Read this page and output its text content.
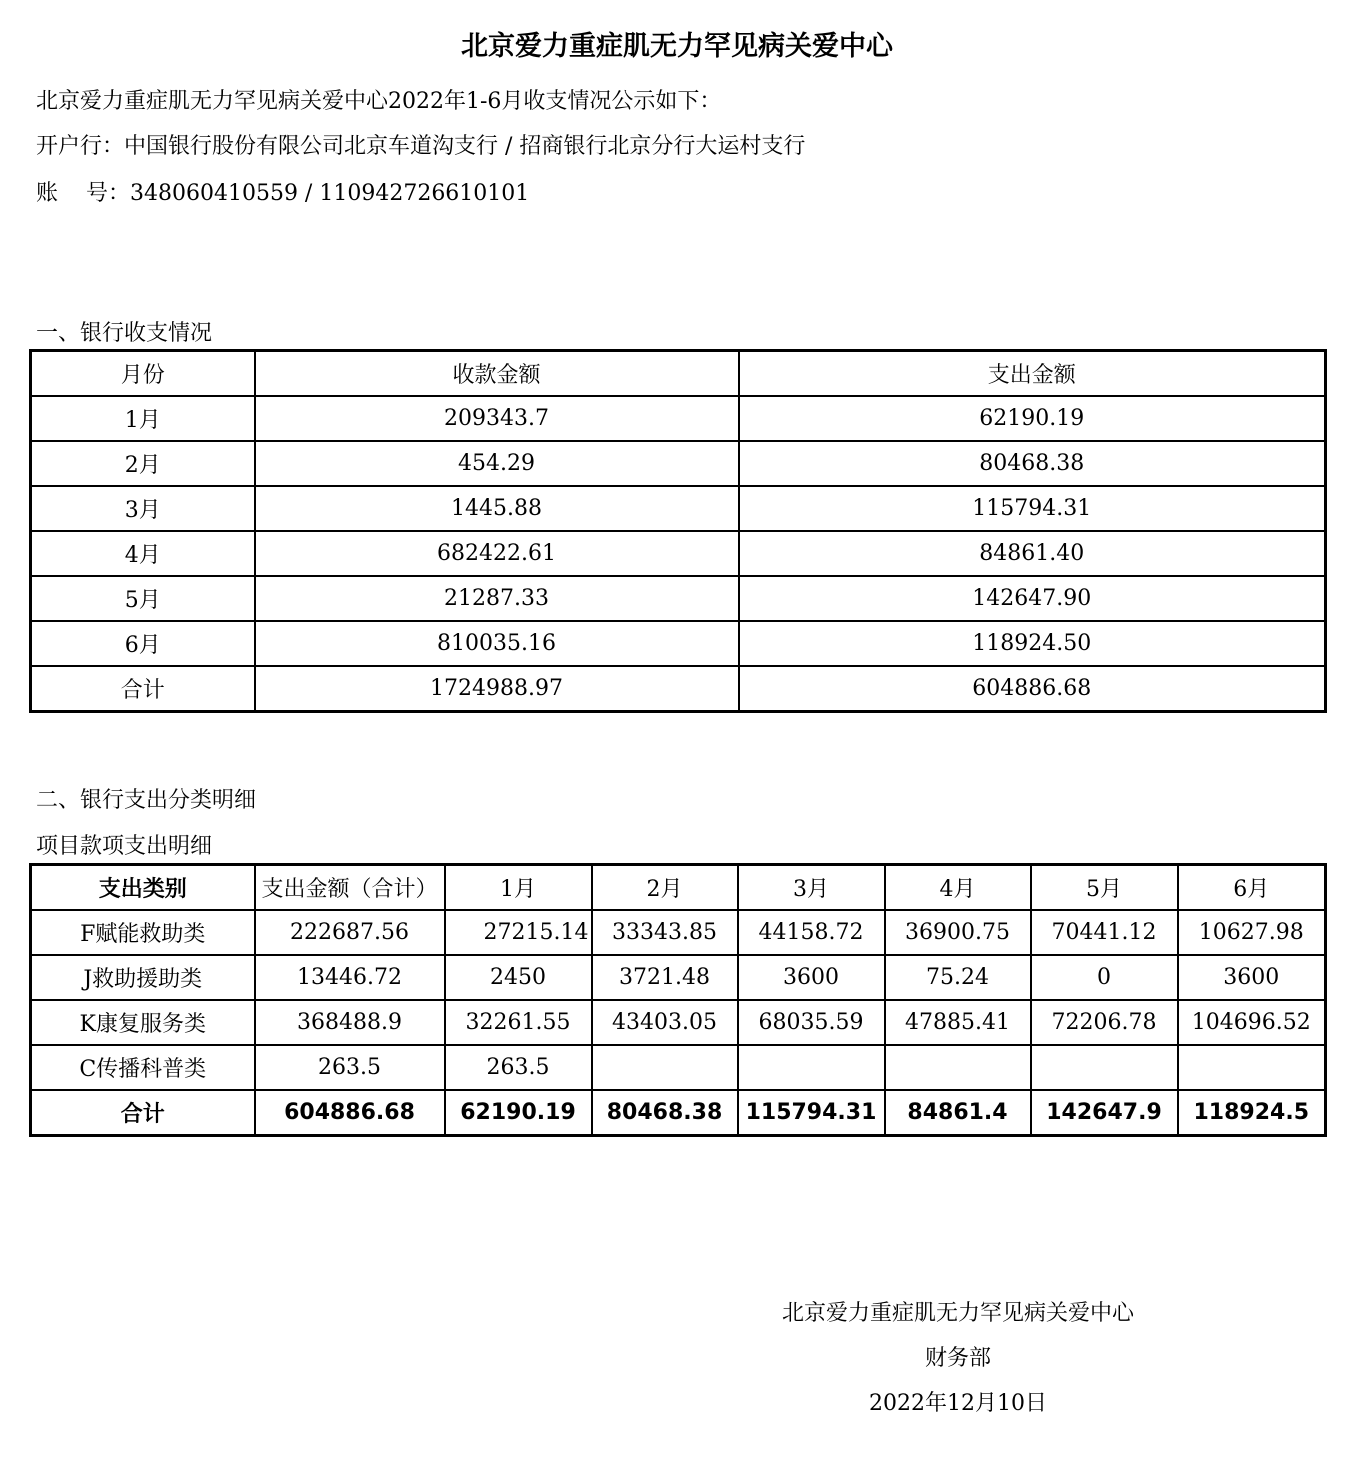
北京爱力重症肌无力罕见病关爱中心
北京爱力重症肌无力罕见病关爱中心2022年1-6月收支情况公示如下：
开户行：中国银行股份有限公司北京车道沟支行 / 招商银行北京分行大运村支行
账    号：348060410559 / 110942726610101
一、银行收支情况
月份	收款金额	支出金额
1月	209343.7	62190.19
2月	454.29	80468.38
3月	1445.88	115794.31
4月	682422.61	84861.40
5月	21287.33	142647.90
6月	810035.16	118924.50
合计	1724988.97	604886.68
二、银行支出分类明细
项目款项支出明细
支出类别	支出金额（合计）	1月	2月	3月	4月	5月	6月
F赋能救助类	222687.56	27215.14	33343.85	44158.72	36900.75	70441.12	10627.98
J救助援助类	13446.72	2450	3721.48	3600	75.24	0	3600
K康复服务类	368488.9	32261.55	43403.05	68035.59	47885.41	72206.78	104696.52
C传播科普类	263.5	263.5					
合计	604886.68	62190.19	80468.38	115794.31	84861.4	142647.9	118924.5
北京爱力重症肌无力罕见病关爱中心
财务部
2022年12月10日
